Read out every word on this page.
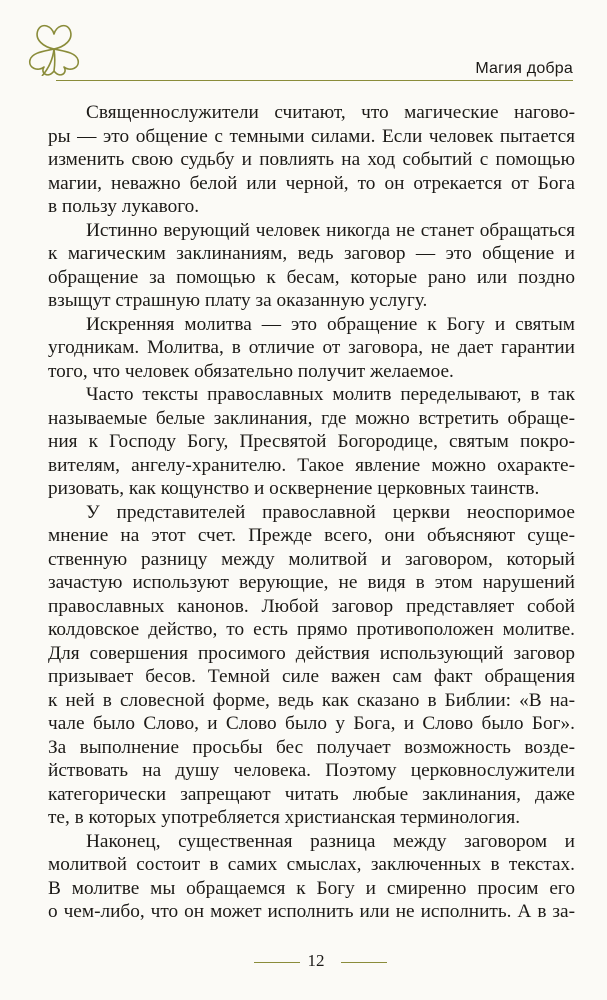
Магия добра
Священнослужители считают, что магические нагово-
ры — это общение с темными силами. Если человек пытается
изменить свою судьбу и повлиять на ход событий с помощью
магии, неважно белой или черной, то он отрекается от Бога
в пользу лукавого.
Истинно верующий человек никогда не станет обращаться
к магическим заклинаниям, ведь заговор — это общение и
обращение за помощью к бесам, которые рано или поздно
взыщут страшную плату за оказанную услугу.
Искренняя молитва — это обращение к Богу и святым
угодникам. Молитва, в отличие от заговора, не дает гарантии
того, что человек обязательно получит желаемое.
Часто тексты православных молитв переделывают, в так
называемые белые заклинания, где можно встретить обраще-
ния к Господу Богу, Пресвятой Богородице, святым покро-
вителям, ангелу-хранителю. Такое явление можно охаракте-
ризовать, как кощунство и осквернение церковных таинств.
У представителей православной церкви неоспоримое
мнение на этот счет. Прежде всего, они объясняют суще-
ственную разницу между молитвой и заговором, который
зачастую используют верующие, не видя в этом нарушений
православных канонов. Любой заговор представляет собой
колдовское действо, то есть прямо противоположен молитве.
Для совершения просимого действия использующий заговор
призывает бесов. Темной силе важен сам факт обращения
к ней в словесной форме, ведь как сказано в Библии: «В на-
чале было Слово, и Слово было у Бога, и Слово было Бог».
За выполнение просьбы бес получает возможность возде-
йствовать на душу человека. Поэтому церковнослужители
категорически запрещают читать любые заклинания, даже
те, в которых употребляется христианская терминология.
Наконец, существенная разница между заговором и
молитвой состоит в самих смыслах, заключенных в текстах.
В молитве мы обращаемся к Богу и смиренно просим его
о чем-либо, что он может исполнить или не исполнить. А в за-
12
